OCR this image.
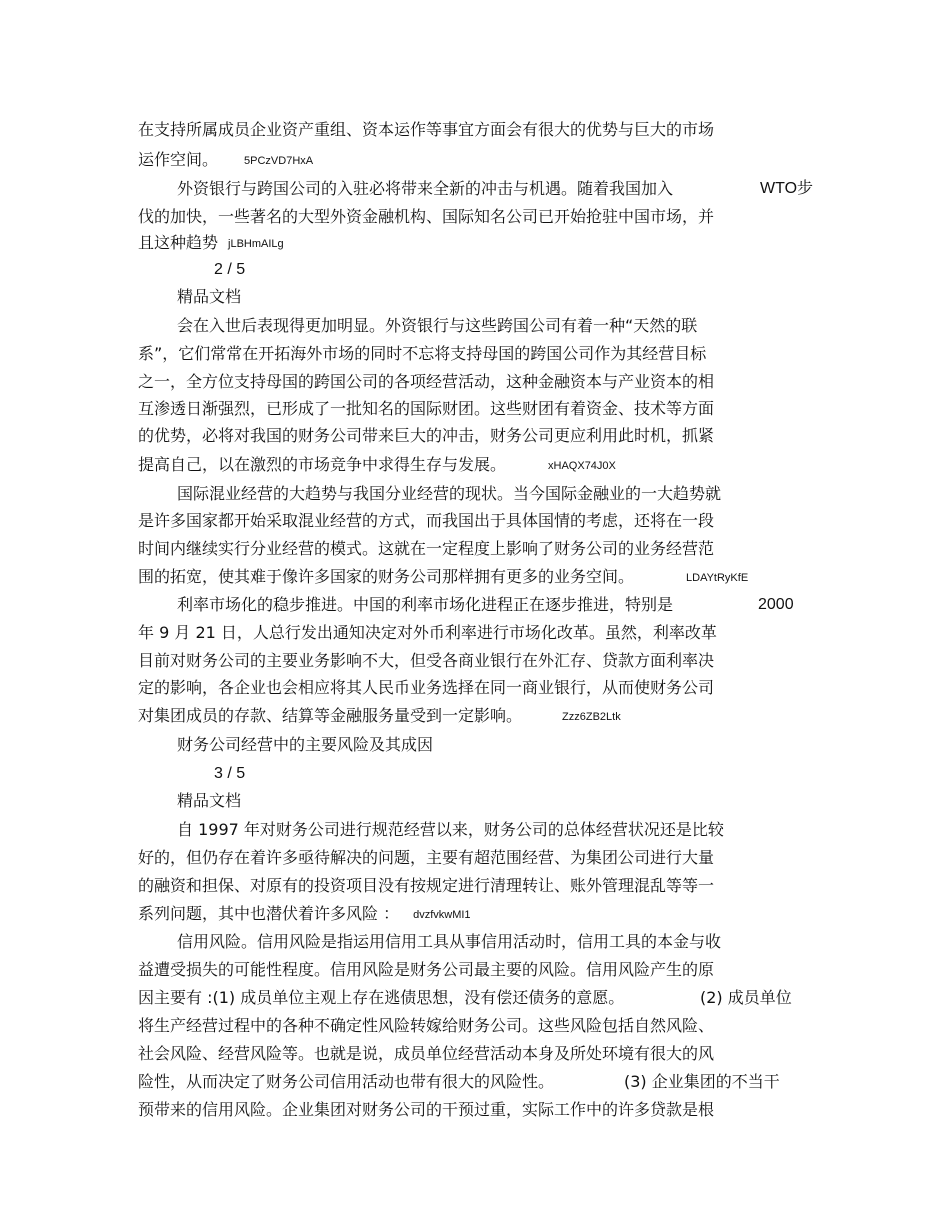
在支持所属成员企业资产重组、资本运作等事宜方面会有很大的优势与巨大的市场
运作空间。 5PCzVD7HxA
外资银行与跨国公司的入驻必将带来全新的冲击与机遇。随着我国加入	WTO步
伐的加快，一些著名的大型外资金融机构、国际知名公司已开始抢驻中国市场，并
且这种趋势 jLBHmAILg
2 / 5
精品文档
会在入世后表现得更加明显。外资银行与这些跨国公司有着一种“天然的联
系”，它们常常在开拓海外市场的同时不忘将支持母国的跨国公司作为其经营目标
之一，全方位支持母国的跨国公司的各项经营活动，这种金融资本与产业资本的相
互渗透日渐强烈，已形成了一批知名的国际财团。这些财团有着资金、技术等方面
的优势，必将对我国的财务公司带来巨大的冲击，财务公司更应利用此时机，抓紧
提高自己，以在激烈的市场竞争中求得生存与发展。	xHAQX74J0X
国际混业经营的大趋势与我国分业经营的现状。当今国际金融业的一大趋势就
是许多国家都开始采取混业经营的方式，而我国出于具体国情的考虑，还将在一段
时间内继续实行分业经营的模式。这就在一定程度上影响了财务公司的业务经营范
围的拓宽，使其难于像许多国家的财务公司那样拥有更多的业务空间。	LDAYtRyKfE
利率市场化的稳步推进。中国的利率市场化进程正在逐步推进，特别是	2000
年 9 月 21 日，人总行发出通知决定对外币利率进行市场化改革。虽然，利率改革
目前对财务公司的主要业务影响不大，但受各商业银行在外汇存、贷款方面利率决
定的影响，各企业也会相应将其人民币业务选择在同一商业银行，从而使财务公司
对集团成员的存款、结算等金融服务量受到一定影响。	Zzz6ZB2Ltk
财务公司经营中的主要风险及其成因
3 / 5
精品文档
自 1997 年对财务公司进行规范经营以来，财务公司的总体经营状况还是比较
好的，但仍存在着许多亟待解决的问题，主要有超范围经营、为集团公司进行大量
的融资和担保、对原有的投资项目没有按规定进行清理转让、账外管理混乱等等一
系列问题，其中也潜伏着许多风险 ： dvzfvkwMI1
信用风险。信用风险是指运用信用工具从事信用活动时，信用工具的本金与收
益遭受损失的可能性程度。信用风险是财务公司最主要的风险。信用风险产生的原
因主要有 :(1) 成员单位主观上存在逃债思想，没有偿还债务的意愿。	(2) 成员单位
将生产经营过程中的各种不确定性风险转嫁给财务公司。这些风险包括自然风险、
社会风险、经营风险等。也就是说，成员单位经营活动本身及所处环境有很大的风
险性，从而决定了财务公司信用活动也带有很大的风险性。	(3) 企业集团的不当干
预带来的信用风险。企业集团对财务公司的干预过重，实际工作中的许多贷款是根
